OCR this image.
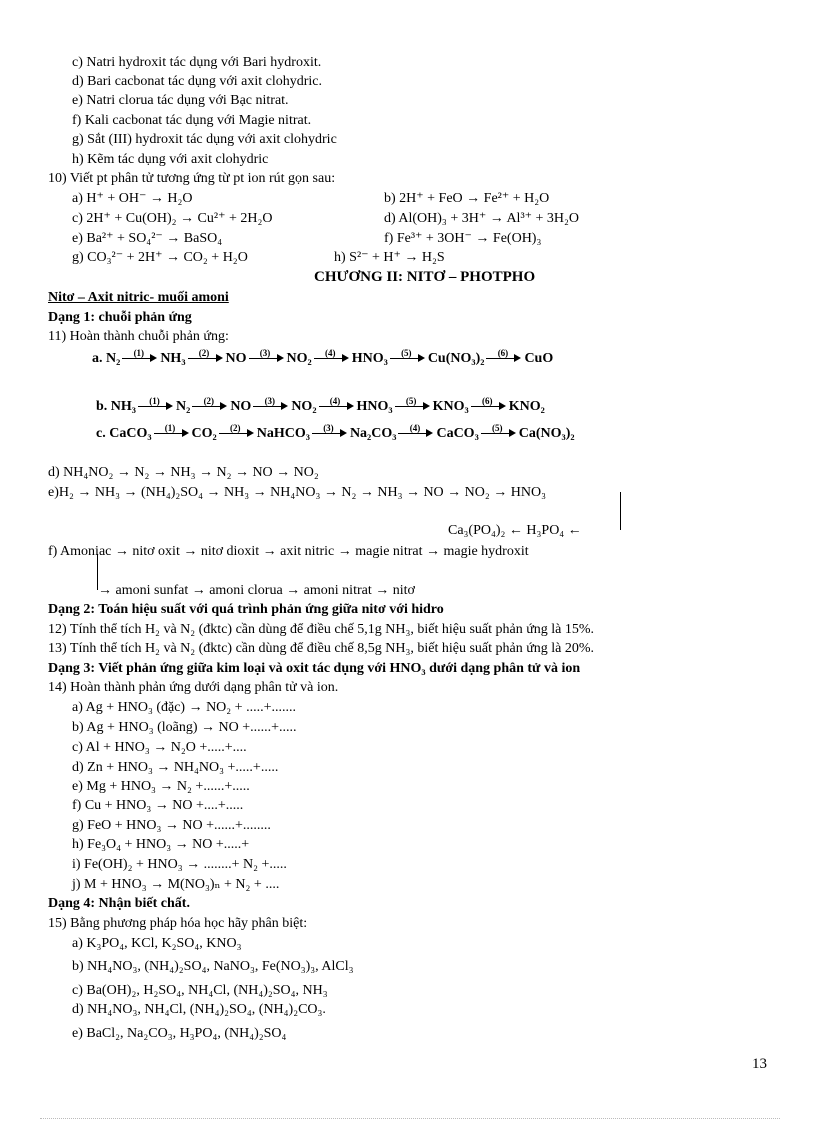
c) Natri hydroxit tác dụng với Bari hydroxit.
d) Bari cacbonat tác dụng với axit clohydric.
e) Natri clorua tác dụng với Bạc nitrat.
f) Kali cacbonat tác dụng với Magie nitrat.
g) Sắt (III) hydroxit tác dụng với axit clohydric
h) Kẽm tác dụng với axit clohydric
10) Viết pt phân tử tương ứng từ pt ion rút gọn sau:
a) H⁺ + OH⁻ → H₂O	b) 2H⁺ + FeO → Fe²⁺ + H₂O
c) 2H⁺ + Cu(OH)₂ → Cu²⁺ + 2H₂O	d) Al(OH)₃ + 3H⁺ → Al³⁺ + 3H₂O
e) Ba²⁺ + SO₄²⁻ → BaSO₄	f) Fe³⁺ + 3OH⁻ → Fe(OH)₃
g) CO₃²⁻ + 2H⁺ → CO₂ + H₂O	h) S²⁻ + H⁺ → H₂S
CHƯƠNG II: NITƠ – PHOTPHO
Nitơ – Axit nitric- muối amoni
Dạng 1: chuỗi phản ứng
11) Hoàn thành chuỗi phản ứng:
a. N₂	(1)	NH₃	(2)	NO	(3)	NO₂	(4)	HNO₃	(5)	Cu(NO₃)₂	(6)	CuO
b. NH₃	(1)	N₂	(2)	NO	(3)	NO₂	(4)	HNO₃	(5)	KNO₃	(6)	KNO₂
c. CaCO₃	(1)	CO₂	(2)	NaHCO₃	(3)	Na₂CO₃	(4)	CaCO₃	(5)	Ca(NO₃)₂
d) NH₄NO₂ → N₂ → NH₃ → N₂ → NO → NO₂
e)H₂ → NH₃ → (NH₄)₂SO₄ → NH₃ → NH₄NO₃ → N₂ → NH₃ → NO → NO₂ → HNO₃
Ca₃(PO₄)₂ ← H₃PO₄ ←
f) Amoniac → nitơ oxit → nitơ dioxit → axit nitric → magie nitrat → magie hydroxit
→ amoni sunfat → amoni clorua → amoni nitrat → nitơ
Dạng 2: Toán hiệu suất với quá trình phản ứng giữa nitơ với hidro
12) Tính thể tích H₂ và N₂ (đktc) cần dùng để điều chế 5,1g NH₃, biết hiệu suất phản ứng là 15%.
13) Tính thể tích H₂ và N₂ (đktc) cần dùng để điều chế 8,5g NH₃, biết hiệu suất phản ứng là 20%.
Dạng 3: Viết phản ứng giữa kim loại và oxit tác dụng với HNO₃ dưới dạng phân tử và ion
14) Hoàn thành phản ứng dưới dạng phân tử và ion.
a) Ag + HNO₃ (đặc) → NO₂ + .....+.......
b) Ag + HNO₃ (loãng) → NO +......+.....
c) Al + HNO₃ → N₂O +.....+....
d) Zn + HNO₃ → NH₄NO₃ +.....+.....
e) Mg + HNO₃ → N₂ +......+.....
f) Cu + HNO₃ → NO +....+.....
g) FeO + HNO₃ → NO +......+........
h) Fe₃O₄ + HNO₃ → NO +.....+
i) Fe(OH)₂ + HNO₃ → ........+ N₂ +.....
j) M + HNO₃ → M(NO₃)ₙ + N₂ + ....
Dạng 4: Nhận biết chất.
15) Bằng phương pháp hóa học hãy phân biệt:
a) K₃PO₄, KCl, K₂SO₄, KNO₃
b) NH₄NO₃, (NH₄)₂SO₄, NaNO₃, Fe(NO₃)₃, AlCl₃
c) Ba(OH)₂, H₂SO₄, NH₄Cl, (NH₄)₂SO₄, NH₃
d) NH₄NO₃, NH₄Cl, (NH₄)₂SO₄, (NH₄)₂CO₃.
e) BaCl₂, Na₂CO₃, H₃PO₄, (NH₄)₂SO₄
13
